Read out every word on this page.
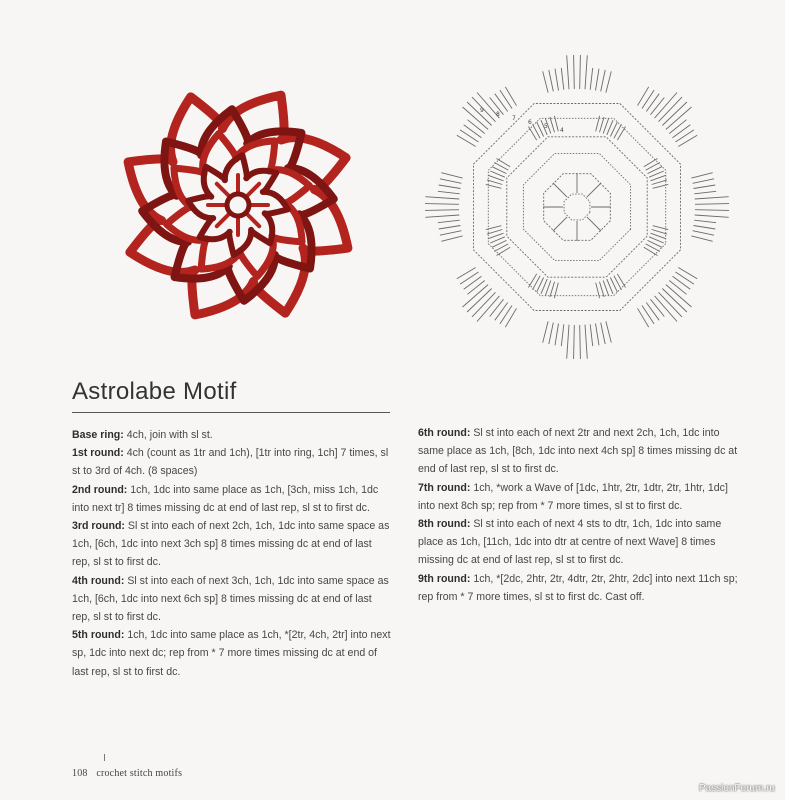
9
8
7
6
5
4
Astrolabe Motif

Base ring: 4ch, join with sl st.

1st round: 4ch (count as 1tr and 1ch), [1tr into ring, 1ch] 7 times, sl st to 3rd of 4ch. (8 spaces)

2nd round: 1ch, 1dc into same place as 1ch, [3ch, miss 1ch, 1dc into next tr] 8 times missing dc at end of last rep, sl st to first dc.

3rd round: Sl st into each of next 2ch, 1ch, 1dc into same space as 1ch, [6ch, 1dc into next 3ch sp] 8 times missing dc at end of last rep, sl st to first dc.

4th round: Sl st into each of next 3ch, 1ch, 1dc into same space as 1ch, [6ch, 1dc into next 6ch sp] 8 times missing dc at end of last rep, sl st to first dc.

5th round: 1ch, 1dc into same place as 1ch, *[2tr, 4ch, 2tr] into next sp, 1dc into next dc; rep from * 7 more times missing dc at end of last rep, sl st to first dc.

6th round: Sl st into each of next 2tr and next 2ch, 1ch, 1dc into same place as 1ch, [8ch, 1dc into next 4ch sp] 8 times missing dc at end of last rep, sl st to first dc.

7th round: 1ch, *work a Wave of [1dc, 1htr, 2tr, 1dtr, 2tr, 1htr, 1dc] into next 8ch sp; rep from * 7 more times, sl st to first dc.

8th round: Sl st into each of next 4 sts to dtr, 1ch, 1dc into same place as 1ch, [11ch, 1dc into dtr at centre of next Wave] 8 times missing dc at end of last rep, sl st to first dc.

9th round: 1ch, *[2dc, 2htr, 2tr, 4dtr, 2tr, 2htr, 2dc] into next 11ch sp; rep from * 7 more times, sl st to first dc. Cast off.

108 crochet stitch motifs
PassionForum.ru
